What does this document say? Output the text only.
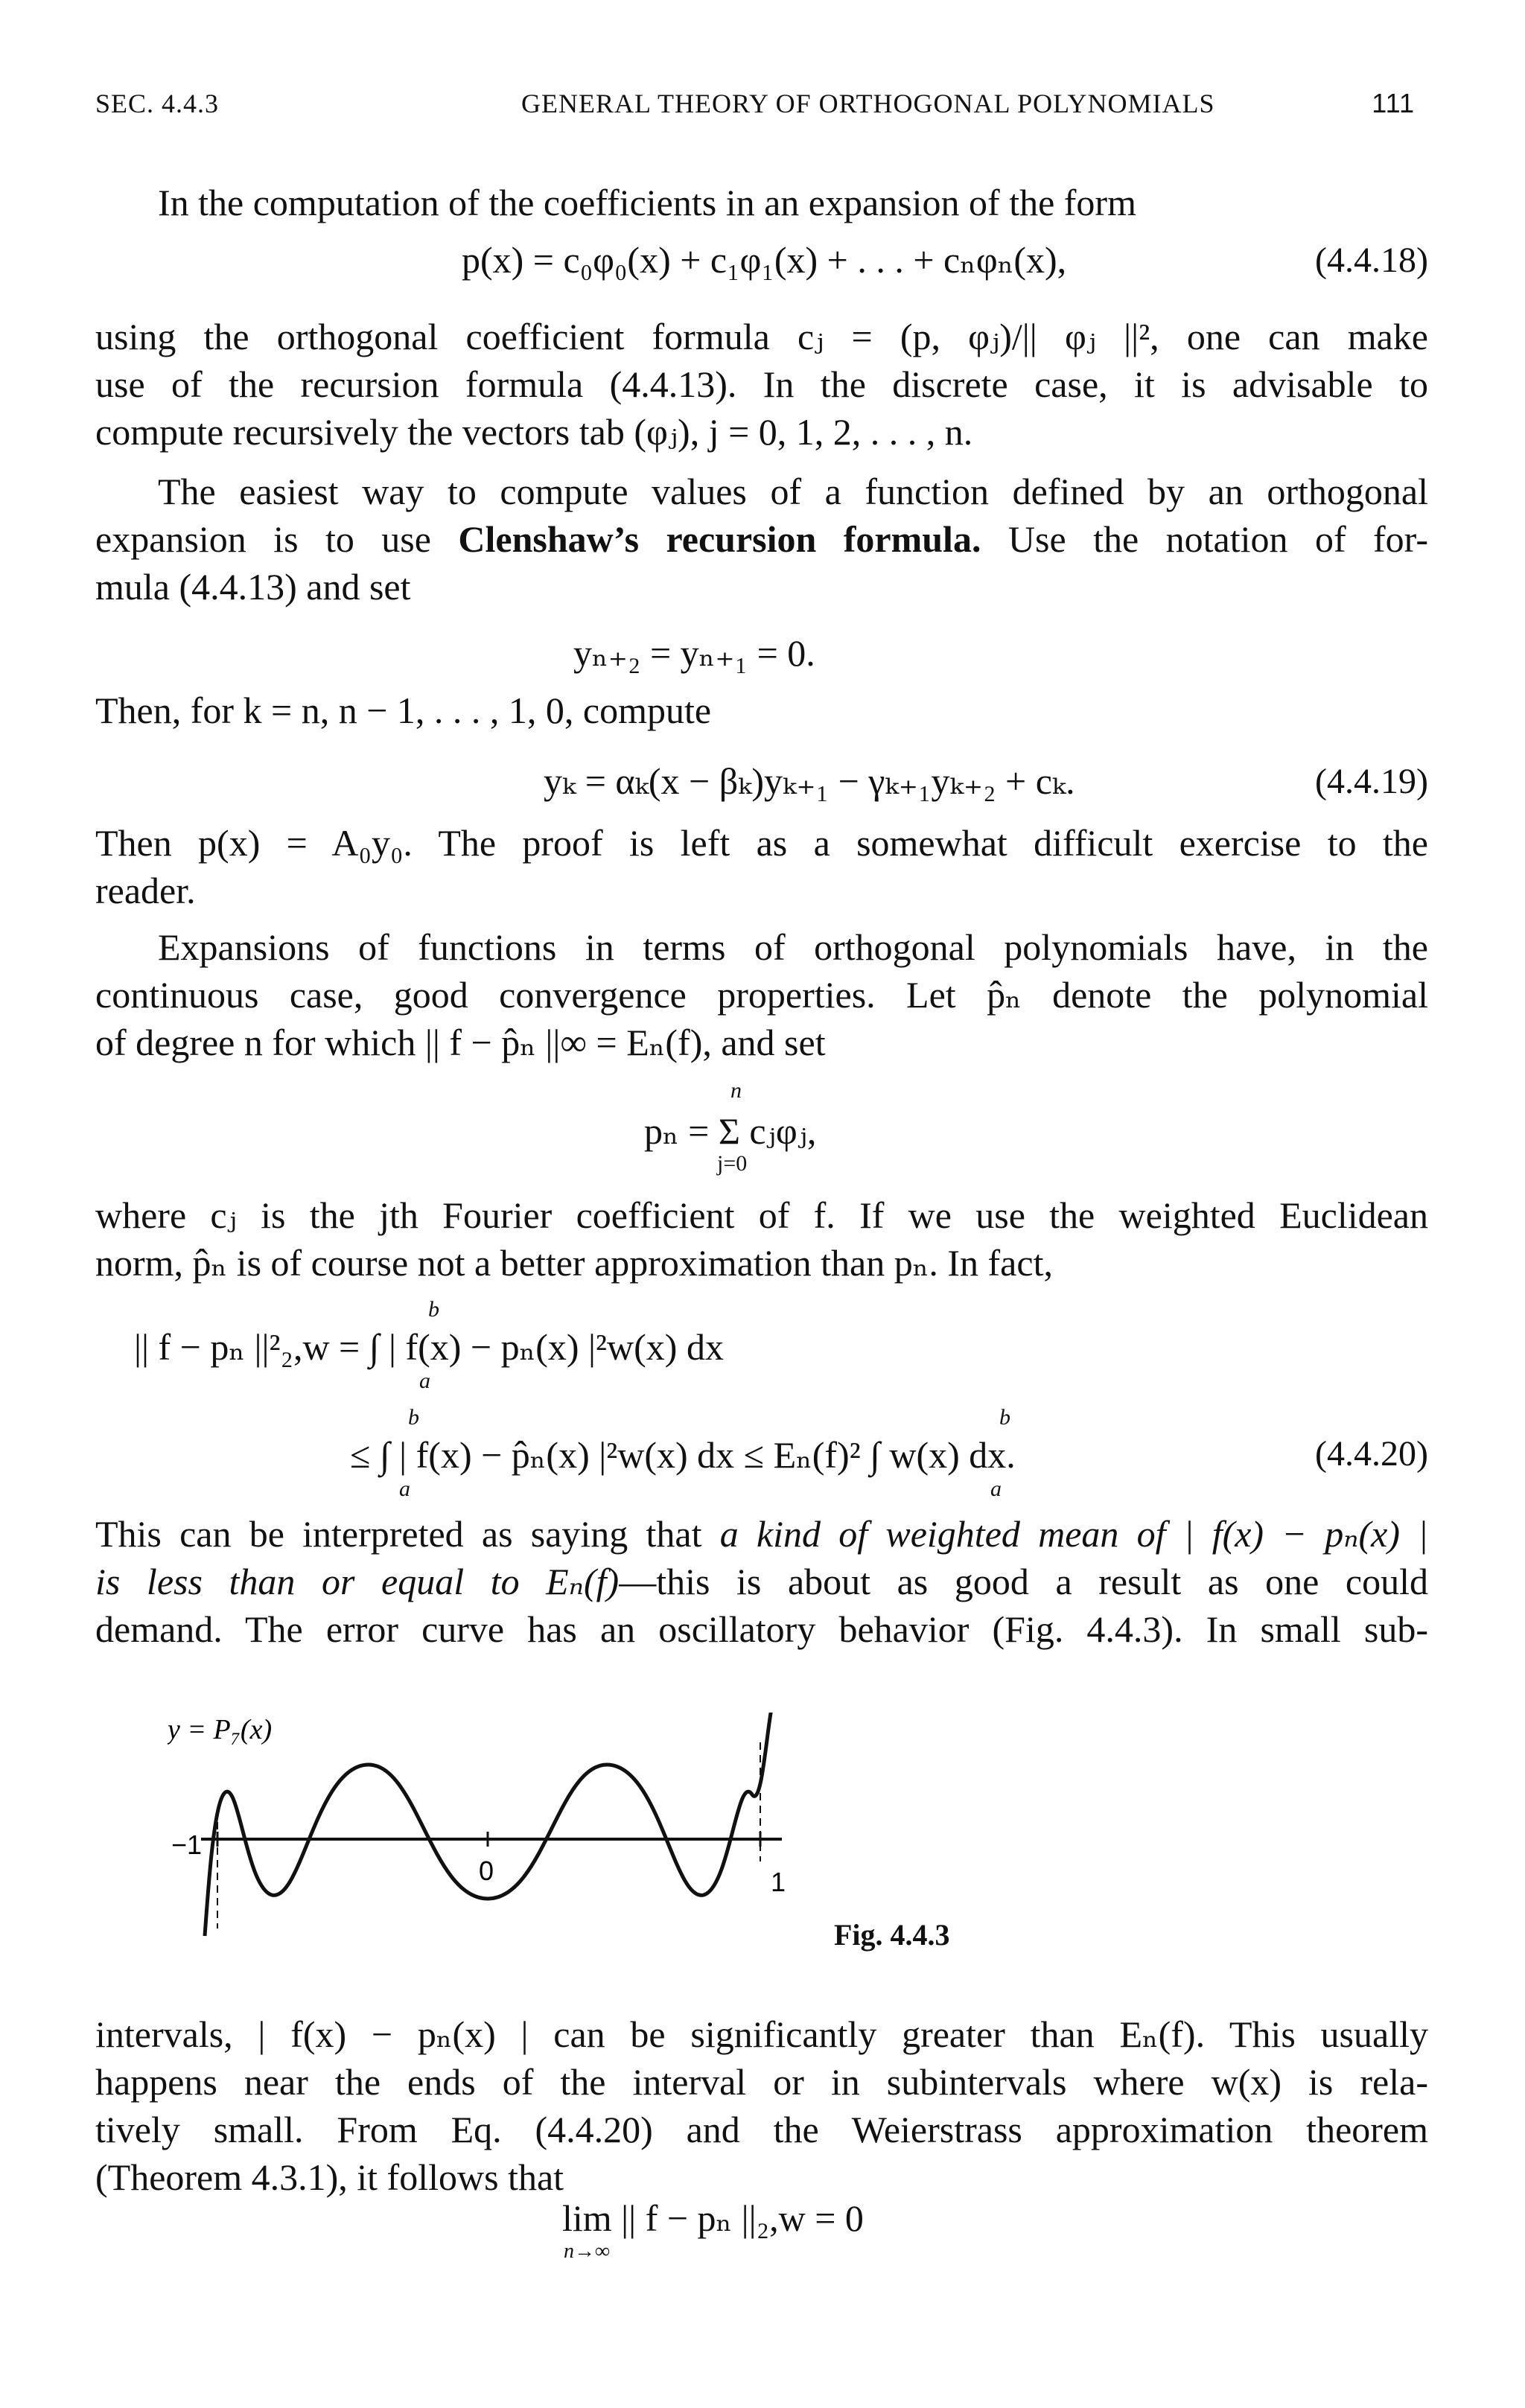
SEC. 4.4.3	GENERAL THEORY OF ORTHOGONAL POLYNOMIALS	111
In the computation of the coefficients in an expansion of the form
p(x) = c₀φ₀(x) + c₁φ₁(x) + . . . + cₙφₙ(x),	(4.4.18)
using the orthogonal coefficient formula cⱼ = (p, φⱼ)/|| φⱼ ||², one can make
use of the recursion formula (4.4.13). In the discrete case, it is advisable to
compute recursively the vectors tab (φⱼ), j = 0, 1, 2, . . . , n.
The easiest way to compute values of a function defined by an orthogonal
expansion is to use Clenshaw’s recursion formula. Use the notation of for-
mula (4.4.13) and set
yₙ₊₂ = yₙ₊₁ = 0.
Then, for k = n, n − 1, . . . , 1, 0, compute
yₖ = αₖ(x − βₖ)yₖ₊₁ − γₖ₊₁yₖ₊₂ + cₖ.	(4.4.19)
Then p(x) = A₀y₀. The proof is left as a somewhat difficult exercise to the
reader.
Expansions of functions in terms of orthogonal polynomials have, in the
continuous case, good convergence properties. Let p̂ₙ denote the polynomial
of degree n for which || f − p̂ₙ ||∞ = Eₙ(f), and set
pₙ = Σ cⱼφⱼ,
n
j=0
where cⱼ is the jth Fourier coefficient of f. If we use the weighted Euclidean
norm, p̂ₙ is of course not a better approximation than pₙ. In fact,
|| f − pₙ ||²₂,w = ∫ | f(x) − pₙ(x) |²w(x) dx
b
a
≤ ∫ | f(x) − p̂ₙ(x) |²w(x) dx ≤ Eₙ(f)² ∫ w(x) dx.
b
a
b
a
(4.4.20)
This can be interpreted as saying that a kind of weighted mean of | f(x) − pₙ(x) |
is less than or equal to Eₙ(f)—this is about as good a result as one could
demand. The error curve has an oscillatory behavior (Fig. 4.4.3). In small sub-
y = P₇(x)
−1
0	1
Fig. 4.4.3
intervals, | f(x) − pₙ(x) | can be significantly greater than Eₙ(f). This usually
happens near the ends of the interval or in subintervals where w(x) is rela-
tively small. From Eq. (4.4.20) and the Weierstrass approximation theorem
(Theorem 4.3.1), it follows that
lim || f − pₙ ||₂,w = 0
n→∞
